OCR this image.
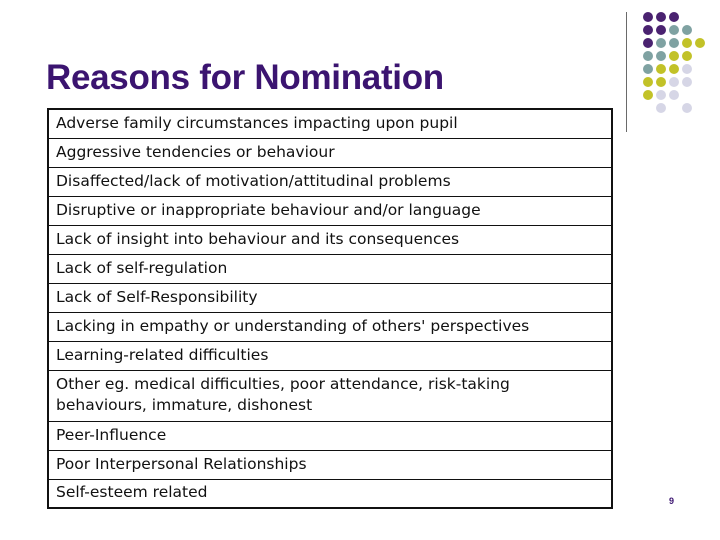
Reasons for Nomination
Adverse family circumstances impacting upon pupil
Aggressive tendencies or behaviour
Disaffected/lack of motivation/attitudinal problems
Disruptive or inappropriate behaviour and/or language
Lack of insight into behaviour and its consequences
Lack of self-regulation
Lack of Self-Responsibility
Lacking in empathy or understanding of others' perspectives
Learning-related difficulties
Other eg. medical difficulties, poor attendance, risk-taking behaviours, immature, dishonest
Peer-Influence
Poor Interpersonal Relationships
Self-esteem related	9
